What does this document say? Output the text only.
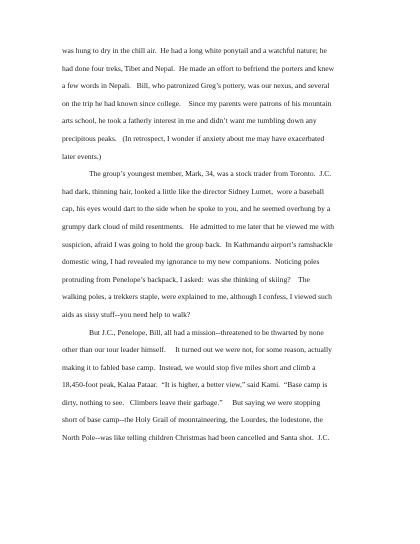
was hung to dry in the chill air.  He had a long white ponytail and a watchful nature; he
had done four treks, Tibet and Nepal.  He made an effort to befriend the porters and knew
a few words in Nepali.   Bill, who patronized Greg’s pottery, was our nexus, and several
on the trip he had known since college.    Since my parents were patrons of his mountain
arts school, he took a fatherly interest in me and didn’t want me tumbling down any
precipitous peaks.   (In retrospect, I wonder if anxiety about me may have exacerbated
later events.)
The group’s youngest member, Mark, 34, was a stock trader from Toronto.  J.C.
had dark, thinning hair, looked a little like the director Sidney Lumet,  wore a baseball
cap, his eyes would dart to the side when he spoke to you, and he seemed overhung by a
grumpy dark cloud of mild resentments.   He admitted to me later that he viewed me with
suspicion, afraid I was going to hold the group back.  In Kathmandu airport’s ramshackle
domestic wing, I had revealed my ignorance to my new companions.  Noticing poles
protruding from Penelope’s backpack, I asked:  was she thinking of skiing?    The
walking poles, a trekkers staple, were explained to me, although I confess, I viewed such
aids as sissy stuff--you need help to walk?
But J.C., Penelope, Bill, all had a mission--threatened to be thwarted by none
other than our tour leader himself.     It turned out we were not, for some reason, actually
making it to fabled base camp.  Instead, we would stop five miles short and climb a
18,450-foot peak, Kalaa Pataar.  “It is higher, a better view,” said Kami.  “Base camp is
dirty, nothing to see.   Climbers leave their garbage.”     But saying we were stopping
short of base camp--the Holy Grail of mountaineering, the Lourdes, the lodestone, the
North Pole--was like telling children Christmas had been cancelled and Santa shot.  J.C.
